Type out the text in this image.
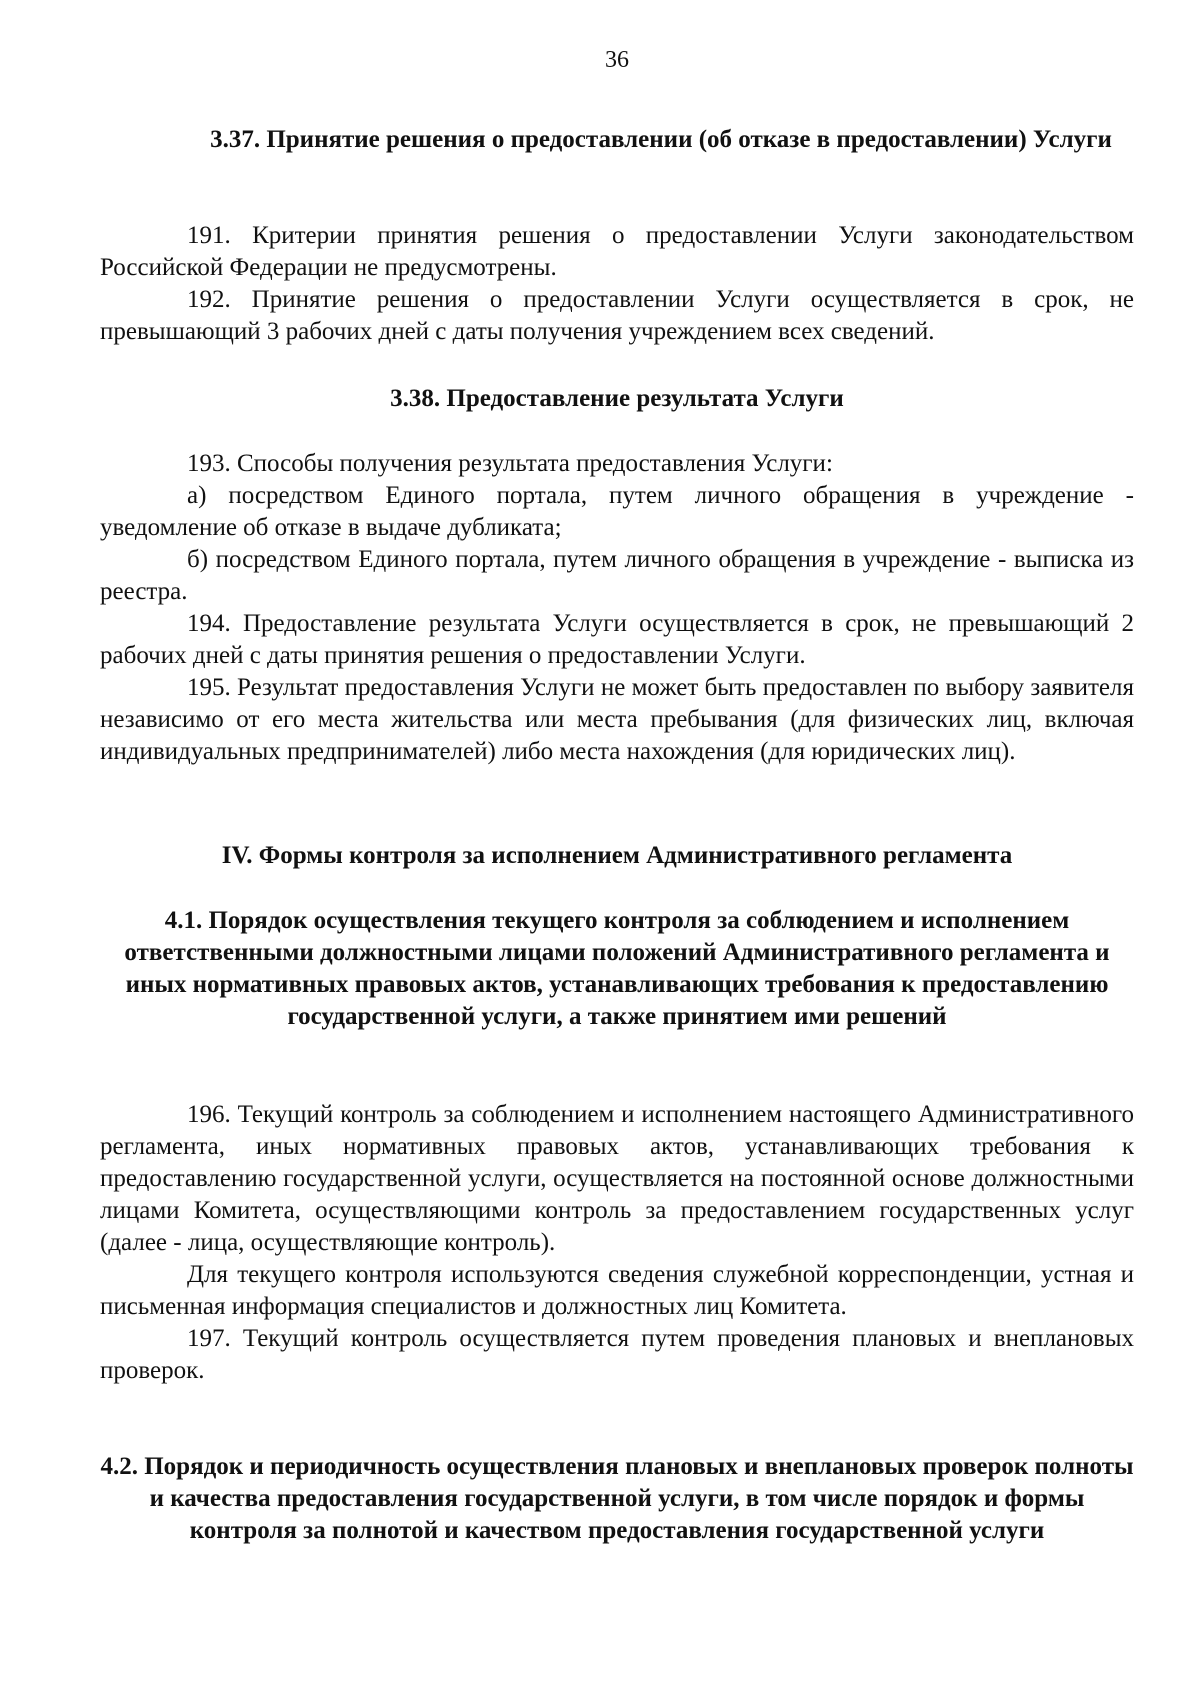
36
3.37. Принятие решения о предоставлении (об отказе в предоставлении) Услуги

191. Критерии принятия решения о предоставлении Услуги законодательством Российской Федерации не предусмотрены.

192. Принятие решения о предоставлении Услуги осуществляется в срок, не превышающий 3 рабочих дней с даты получения учреждением всех сведений.

3.38. Предоставление результата Услуги

193. Способы получения результата предоставления Услуги:

а) посредством Единого портала, путем личного обращения в учреждение - уведомление об отказе в выдаче дубликата;

б) посредством Единого портала, путем личного обращения в учреждение - выписка из реестра.

194. Предоставление результата Услуги осуществляется в срок, не превышающий 2 рабочих дней с даты принятия решения о предоставлении Услуги.

195. Результат предоставления Услуги не может быть предоставлен по выбору заявителя независимо от его места жительства или места пребывания (для физических лиц, включая индивидуальных предпринимателей) либо места нахождения (для юридических лиц).

IV. Формы контроля за исполнением Административного регламента
4.1. Порядок осуществления текущего контроля за соблюдением и исполнением ответственными должностными лицами положений Административного регламента и иных нормативных правовых актов, устанавливающих требования к предоставлению государственной услуги, а также принятием ими решений

196. Текущий контроль за соблюдением и исполнением настоящего Административного регламента, иных нормативных правовых актов, устанавливающих требования к предоставлению государственной услуги, осуществляется на постоянной основе должностными лицами Комитета, осуществляющими контроль за предоставлением государственных услуг (далее - лица, осуществляющие контроль).

Для текущего контроля используются сведения служебной корреспонденции, устная и письменная информация специалистов и должностных лиц Комитета.

197. Текущий контроль осуществляется путем проведения плановых и внеплановых проверок.

4.2. Порядок и периодичность осуществления плановых и внеплановых проверок полноты и качества предоставления государственной услуги, в том числе порядок и формы контроля за полнотой и качеством предоставления государственной услуги
